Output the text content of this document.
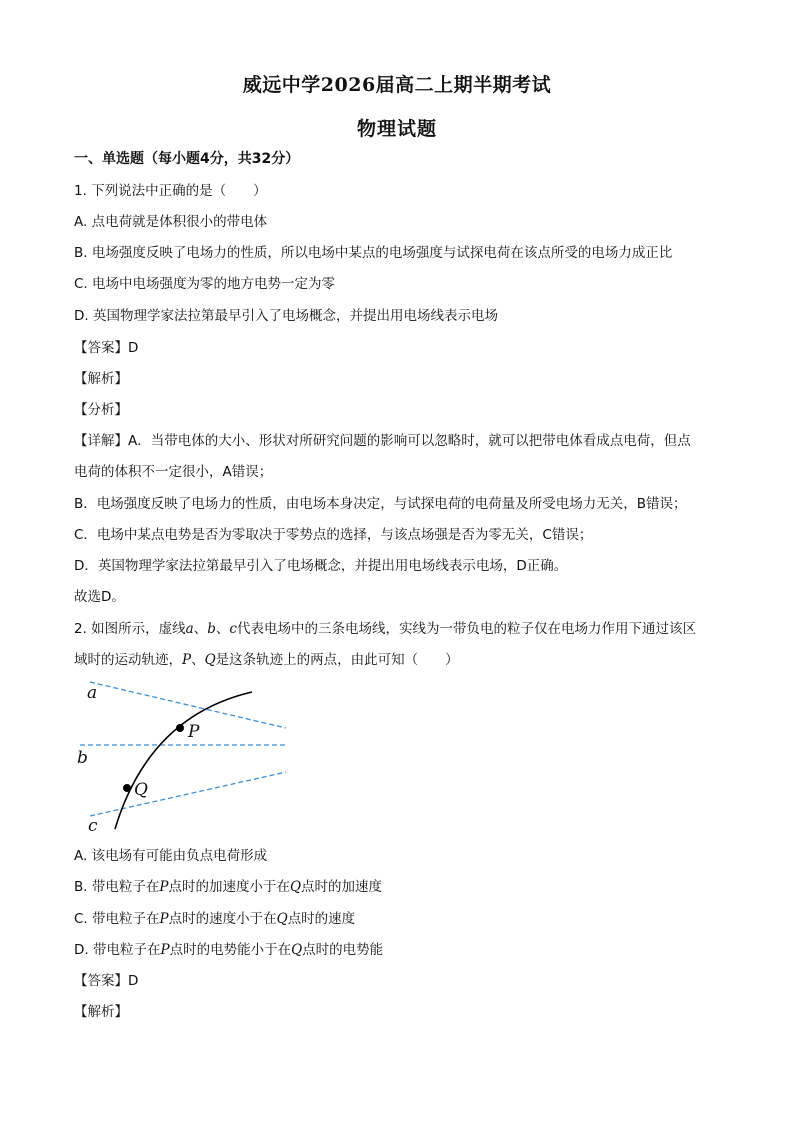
威远中学2026届高二上期半期考试
物理试题
一、单选题（每小题4分，共32分）
1. 下列说法中正确的是（　　）
A. 点电荷就是体积很小的带电体
B. 电场强度反映了电场力的性质，所以电场中某点的电场强度与试探电荷在该点所受的电场力成正比
C. 电场中电场强度为零的地方电势一定为零
D. 英国物理学家法拉第最早引入了电场概念，并提出用电场线表示电场
【答案】D
【解析】
【分析】
【详解】A．当带电体的大小、形状对所研究问题的影响可以忽略时，就可以把带电体看成点电荷，但点
电荷的体积不一定很小，A错误；
B．电场强度反映了电场力的性质，由电场本身决定，与试探电荷的电荷量及所受电场力无关，B错误；
C．电场中某点电势是否为零取决于零势点的选择，与该点场强是否为零无关，C错误；
D．英国物理学家法拉第最早引入了电场概念，并提出用电场线表示电场，D正确。
故选D。
2. 如图所示，虚线a、b、c代表电场中的三条电场线，实线为一带负电的粒子仅在电场力作用下通过该区
域时的运动轨迹，P、Q是这条轨迹上的两点，由此可知（　　）
a
b
c
P
Q
A. 该电场有可能由负点电荷形成
B. 带电粒子在P点时的加速度小于在Q点时的加速度
C. 带电粒子在P点时的速度小于在Q点时的速度
D. 带电粒子在P点时的电势能小于在Q点时的电势能
【答案】D
【解析】
